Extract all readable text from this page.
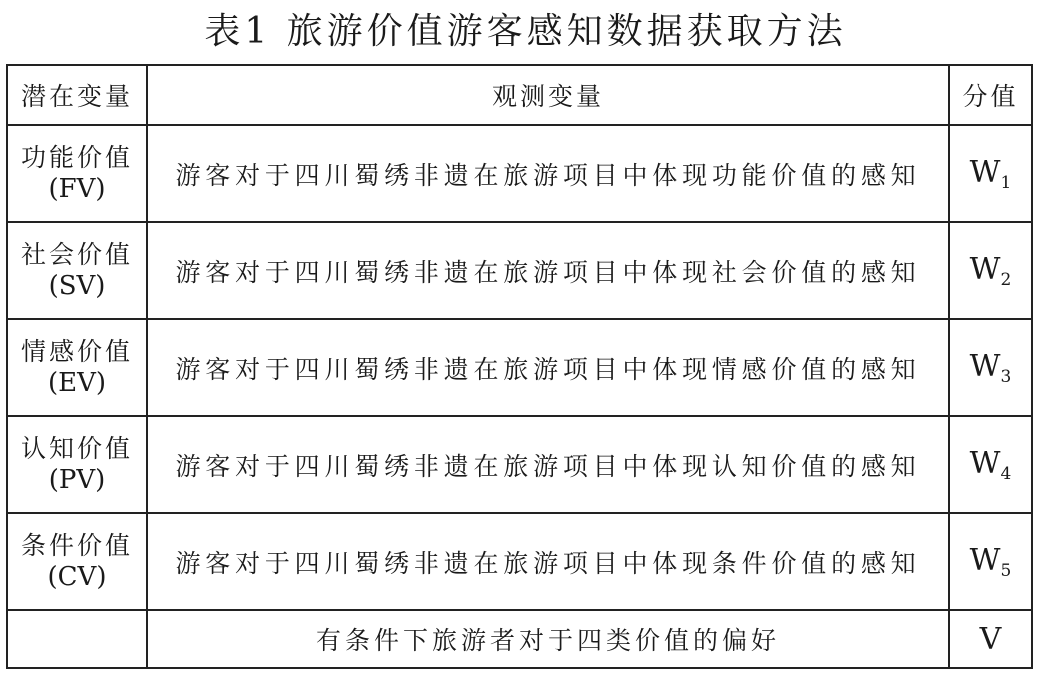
表1 旅游价值游客感知数据获取方法
潜在变量	观测变量	分值

功能价值
(FV)	游客对于四川蜀绣非遗在旅游项目中体现功能价值的感知	W1

社会价值
(SV)	游客对于四川蜀绣非遗在旅游项目中体现社会价值的感知	W2

情感价值
(EV)	游客对于四川蜀绣非遗在旅游项目中体现情感价值的感知	W3

认知价值
(PV)	游客对于四川蜀绣非遗在旅游项目中体现认知价值的感知	W4

条件价值
(CV)	游客对于四川蜀绣非遗在旅游项目中体现条件价值的感知	W5
	有条件下旅游者对于四类价值的偏好	V
